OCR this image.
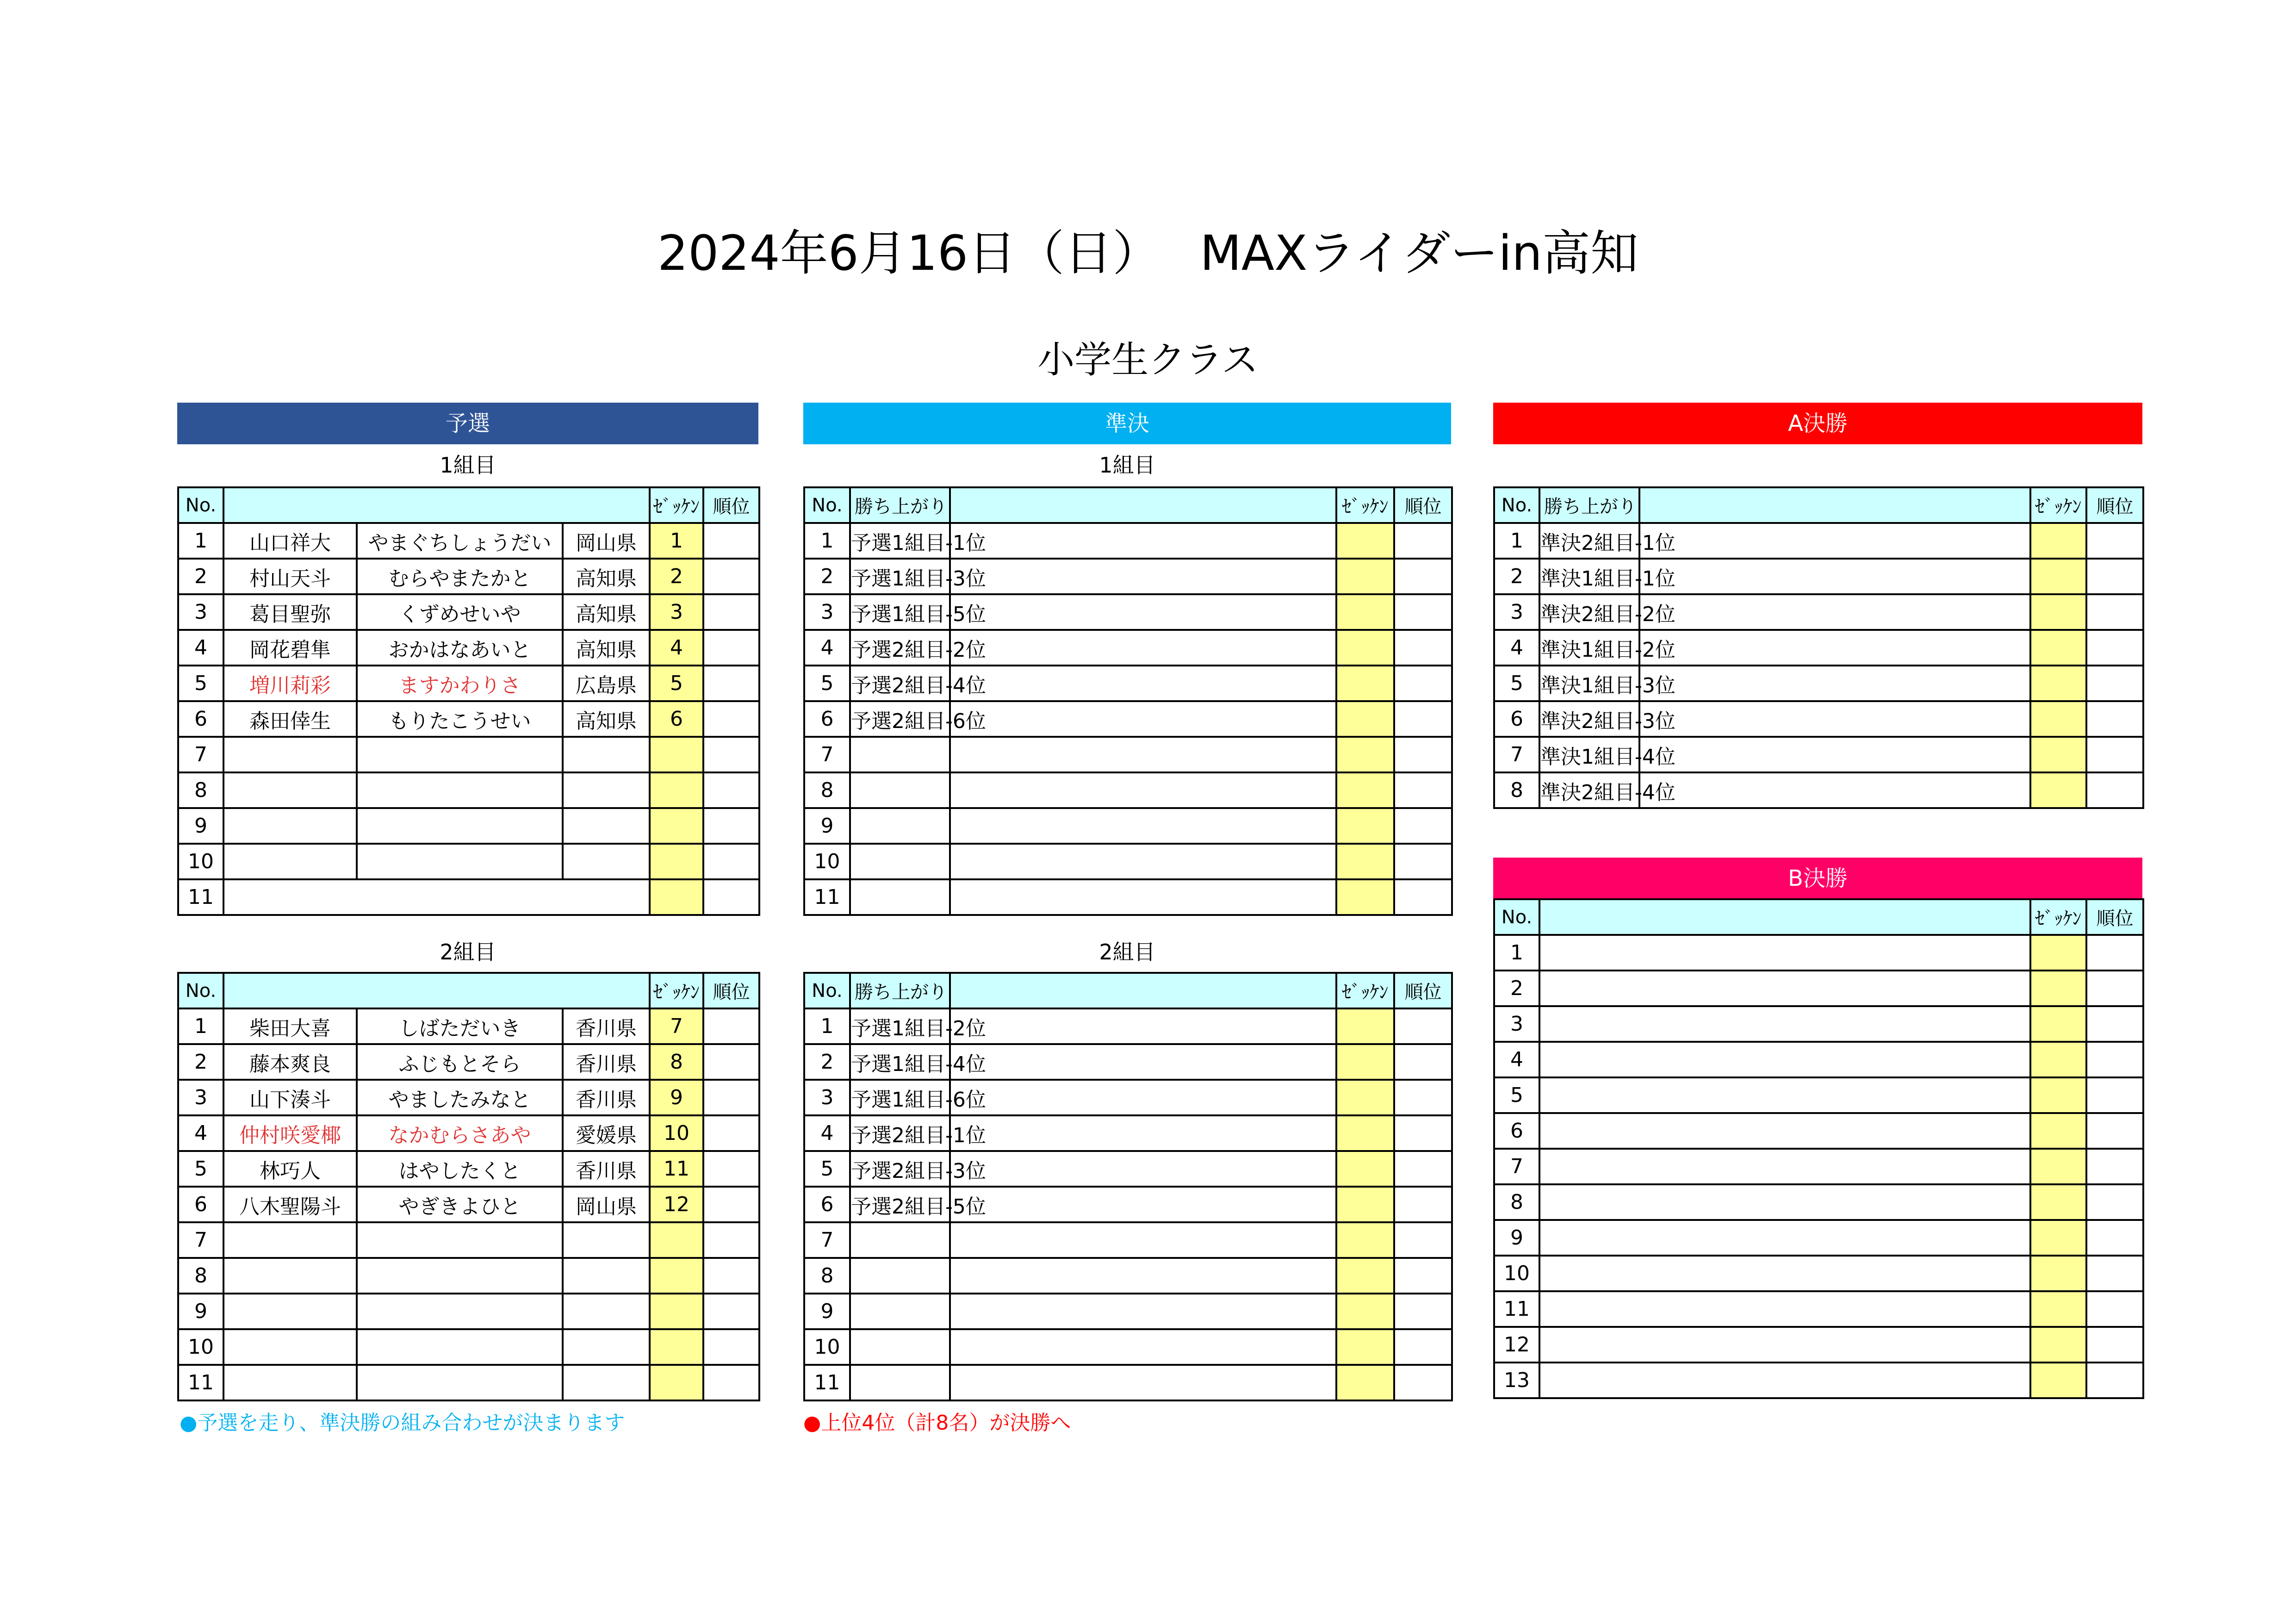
2024年6月16日（日）　 MAXライダーin高知
小学生クラス
予選	準決	A決勝
B決勝
1組目	1組目
2組目	2組目
No.				ｾﾞｯｹﾝ	順位
1	山口祥大	やまぐちしょうだい	岡山県	1	
2	村山天斗	むらやまたかと	高知県	2	
3	葛目聖弥	くずめせいや	高知県	3	
4	岡花碧隼	おかはなあいと	高知県	4	
5	増川莉彩	ますかわりさ	広島県	5	
6	森田倖生	もりたこうせい	高知県	6	
7					
8					
9					
10					
11					
No.				ｾﾞｯｹﾝ	順位
1	柴田大喜	しばただいき	香川県	7	
2	藤本爽良	ふじもとそら	香川県	8	
3	山下湊斗	やましたみなと	香川県	9	
4	仲村咲愛椰	なかむらさあや	愛媛県	10	
5	林巧人	はやしたくと	香川県	11	
6	八木聖陽斗	やぎきよひと	岡山県	12	
7					
8					
9					
10					
11					
No.	勝ち上がり		ｾﾞｯｹﾝ	順位
1	予選1組目-1位			
2	予選1組目-3位			
3	予選1組目-5位			
4	予選2組目-2位			
5	予選2組目-4位			
6	予選2組目-6位			
7				
8				
9				
10				
11				
No.	勝ち上がり		ｾﾞｯｹﾝ	順位
1	予選1組目-2位			
2	予選1組目-4位			
3	予選1組目-6位			
4	予選2組目-1位			
5	予選2組目-3位			
6	予選2組目-5位			
7				
8				
9				
10				
11				
No.	勝ち上がり		ｾﾞｯｹﾝ	順位
1	準決2組目-1位			
2	準決1組目-1位			
3	準決2組目-2位			
4	準決1組目-2位			
5	準決1組目-3位			
6	準決2組目-3位			
7	準決1組目-4位			
8	準決2組目-4位			
No.		ｾﾞｯｹﾝ	順位
1			
2			
3			
4			
5			
6			
7			
8			
9			
10			
11			
12			
13			
●予選を走り、準決勝の組み合わせが決まります	●上位4位（計8名）が決勝へ
